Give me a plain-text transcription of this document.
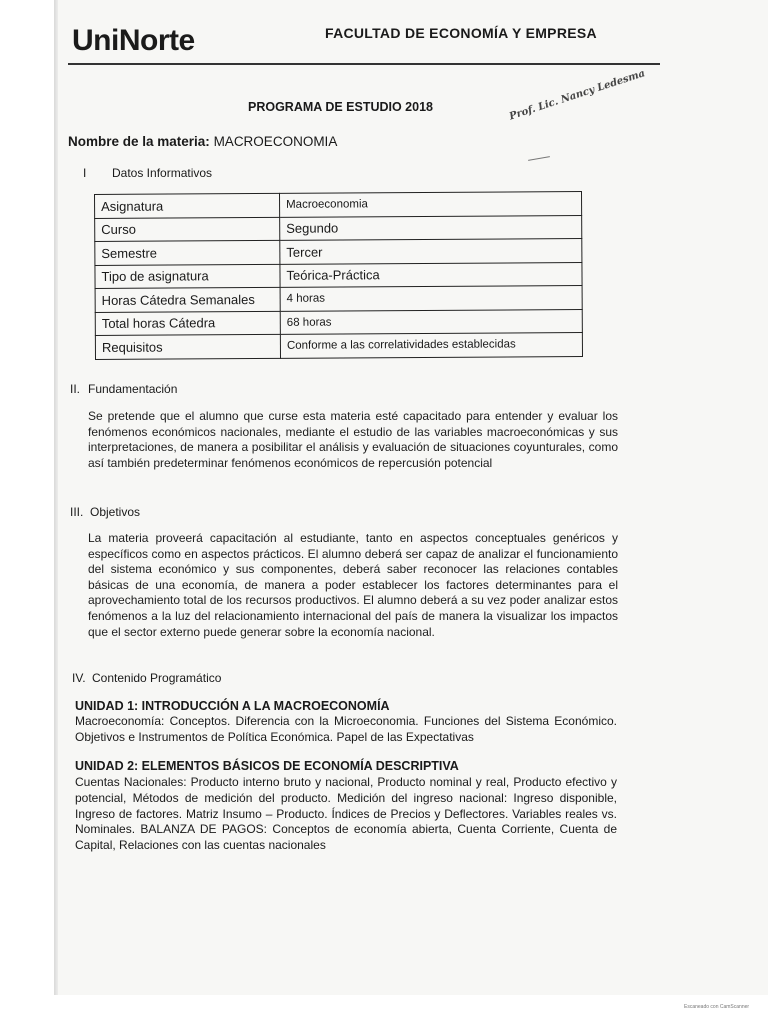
UniNorte	FACULTAD DE ECONOMÍA Y EMPRESA
PROGRAMA DE ESTUDIO 2018
Nombre de la materia: MACROECONOMIA
Prof. Lic. Nancy Ledesma
I Datos Informativos
Asignatura	Macroeconomia
Curso	Segundo
Semestre	Tercer
Tipo de asignatura	Teórica-Práctica
Horas Cátedra Semanales	4 horas
Total horas Cátedra	68 horas
Requisitos	Conforme a las correlatividades establecidas
II. Fundamentación
Se pretende que el alumno que curse esta materia esté capacitado para entender y evaluar los fenómenos económicos nacionales, mediante el estudio de las variables macroeconómicas y sus interpretaciones, de manera a posibilitar el análisis y evaluación de situaciones coyunturales, como así también predeterminar fenómenos económicos de repercusión potencial
III. Objetivos
La materia proveerá capacitación al estudiante, tanto en aspectos conceptuales genéricos y específicos como en aspectos prácticos. El alumno deberá ser capaz de analizar el funcionamiento del sistema económico y sus componentes, deberá saber reconocer las relaciones contables básicas de una economía, de manera a poder establecer los factores determinantes para el aprovechamiento total de los recursos productivos. El alumno deberá a su vez poder analizar estos fenómenos a la luz del relacionamiento internacional del país de manera la visualizar los impactos que el sector externo puede generar sobre la economía nacional.
IV. Contenido Programático
UNIDAD 1: INTRODUCCIÓN A LA MACROECONOMÍA
Macroeconomía: Conceptos. Diferencia con la Microeconomia. Funciones del Sistema Económico. Objetivos e Instrumentos de Política Económica. Papel de las Expectativas
UNIDAD 2: ELEMENTOS BÁSICOS DE ECONOMÍA DESCRIPTIVA
Cuentas Nacionales: Producto interno bruto y nacional, Producto nominal y real, Producto efectivo y potencial, Métodos de medición del producto. Medición del ingreso nacional: Ingreso disponible, Ingreso de factores. Matriz Insumo – Producto. Índices de Precios y Deflectores. Variables reales vs. Nominales. BALANZA DE PAGOS: Conceptos de economía abierta, Cuenta Corriente, Cuenta de Capital, Relaciones con las cuentas nacionales
Escaneado con CamScanner
